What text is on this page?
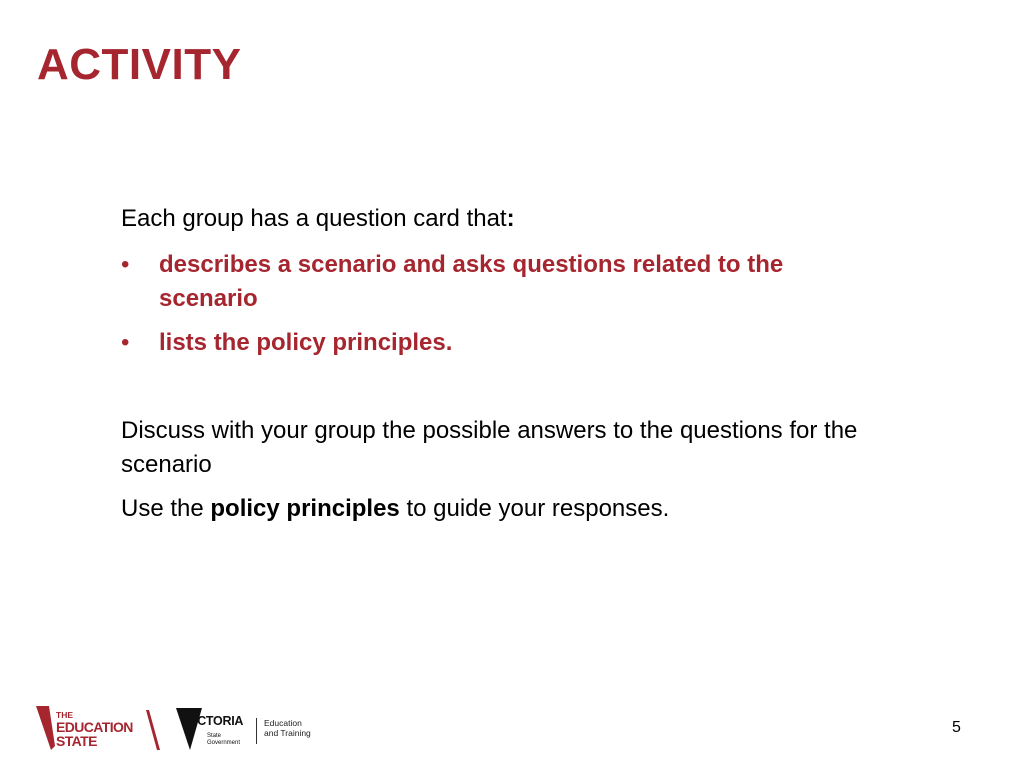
ACTIVITY

Each group has a question card that:

• describes a scenario and asks questions related to the scenario
• lists the policy principles.

Discuss with your group the possible answers to the questions for the scenario

Use the policy principles to guide your responses.

THE
EDUCATION
STATE
VICTORIA
State
Government
Education
and Training	5
